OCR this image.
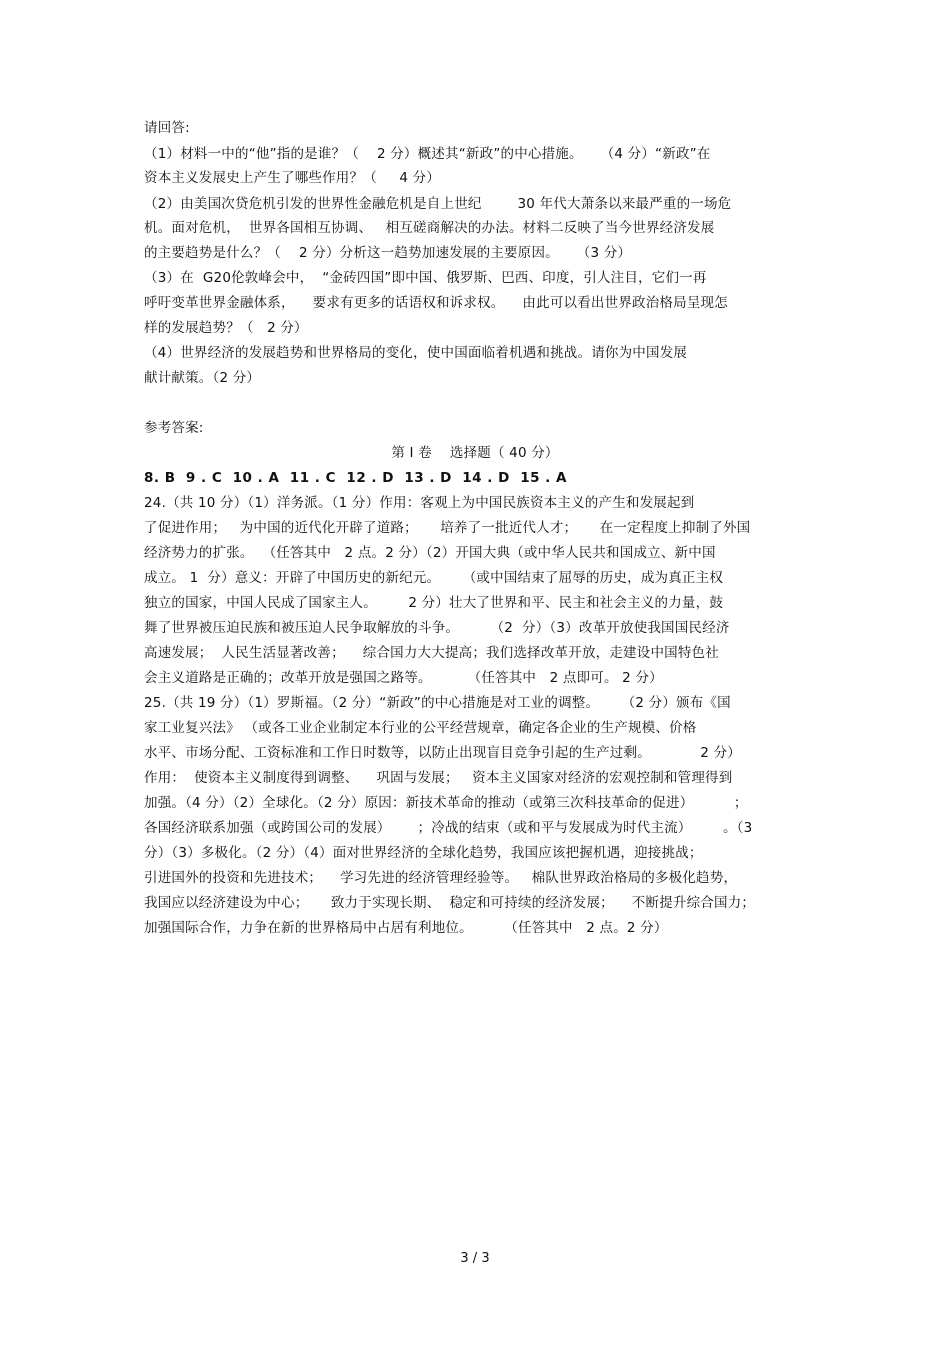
请回答:

（1）材料一中的“他”指的是谁？（    2 分）概述其“新政”的中心措施。    （4 分）“新政”在

资本主义发展史上产生了哪些作用？（     4 分）

（2）由美国次贷危机引发的世界性金融危机是自上世纪        30 年代大萧条以来最严重的一场危

机。面对危机，  世界各国相互协调、   相互磋商解决的办法。材料二反映了当今世界经济发展

的主要趋势是什么？（    2 分）分析这一趋势加速发展的主要原因。    （3 分）

（3）在  G20伦敦峰会中，  “金砖四国”即中国、俄罗斯、巴西、印度，引人注目，它们一再

呼吁变革世界金融体系，    要求有更多的话语权和诉求权。    由此可以看出世界政治格局呈现怎

样的发展趋势？（   2 分）

（4）世界经济的发展趋势和世界格局的变化，使中国面临着机遇和挑战。请你为中国发展

献计献策。（2 分）

参考答案:

第 I 卷    选择题（ 40 分）

8. B  9 . C  10 . A  11 . C  12 . D  13 . D  14 . D  15 . A

24.（共 10 分）（1）洋务派。（1 分）作用：客观上为中国民族资本主义的产生和发展起到

了促进作用；   为中国的近代化开辟了道路；     培养了一批近代人才；     在一定程度上抑制了外国

经济势力的扩张。  （任答其中   2 点。2 分）（2）开国大典（或中华人民共和国成立、新中国

成立。 1  分）意义：开辟了中国历史的新纪元。     （或中国结束了屈辱的历史，成为真正主权

独立的国家，中国人民成了国家主人。       2 分）壮大了世界和平、民主和社会主义的力量，鼓

舞了世界被压迫民族和被压迫人民争取解放的斗争。       （2  分）（3）改革开放使我国国民经济

高速发展；  人民生活显著改善；    综合国力大大提高；我们选择改革开放，走建设中国特色社

会主义道路是正确的；改革开放是强国之路等。        （任答其中   2 点即可。 2 分）

25.（共 19 分）（1）罗斯福。（2 分）“新政”的中心措施是对工业的调整。     （2 分）颁布《国

家工业复兴法》 （或各工业企业制定本行业的公平经营规章，确定各企业的生产规模、价格

水平、市场分配、工资标准和工作日时数等，以防止出现盲目竞争引起的生产过剩。           2 分）

作用：  使资本主义制度得到调整、    巩固与发展；   资本主义国家对经济的宏观控制和管理得到

加强。（4 分）（2）全球化。（2 分）原因：新技术革命的推动（或第三次科技革命的促进）         ；

各国经济联系加强（或跨国公司的发展）      ；冷战的结束（或和平与发展成为时代主流）       。（3

分）（3）多极化。（2 分）（4）面对世界经济的全球化趋势，我国应该把握机遇，迎接挑战；

引进国外的投资和先进技术；    学习先进的经济管理经验等。   棉队世界政治格局的多极化趋势，

我国应以经济建设为中心；     致力于实现长期、  稳定和可持续的经济发展；    不断提升综合国力；

加强国际合作，力争在新的世界格局中占居有利地位。       （任答其中   2 点。2 分）

3 / 3
